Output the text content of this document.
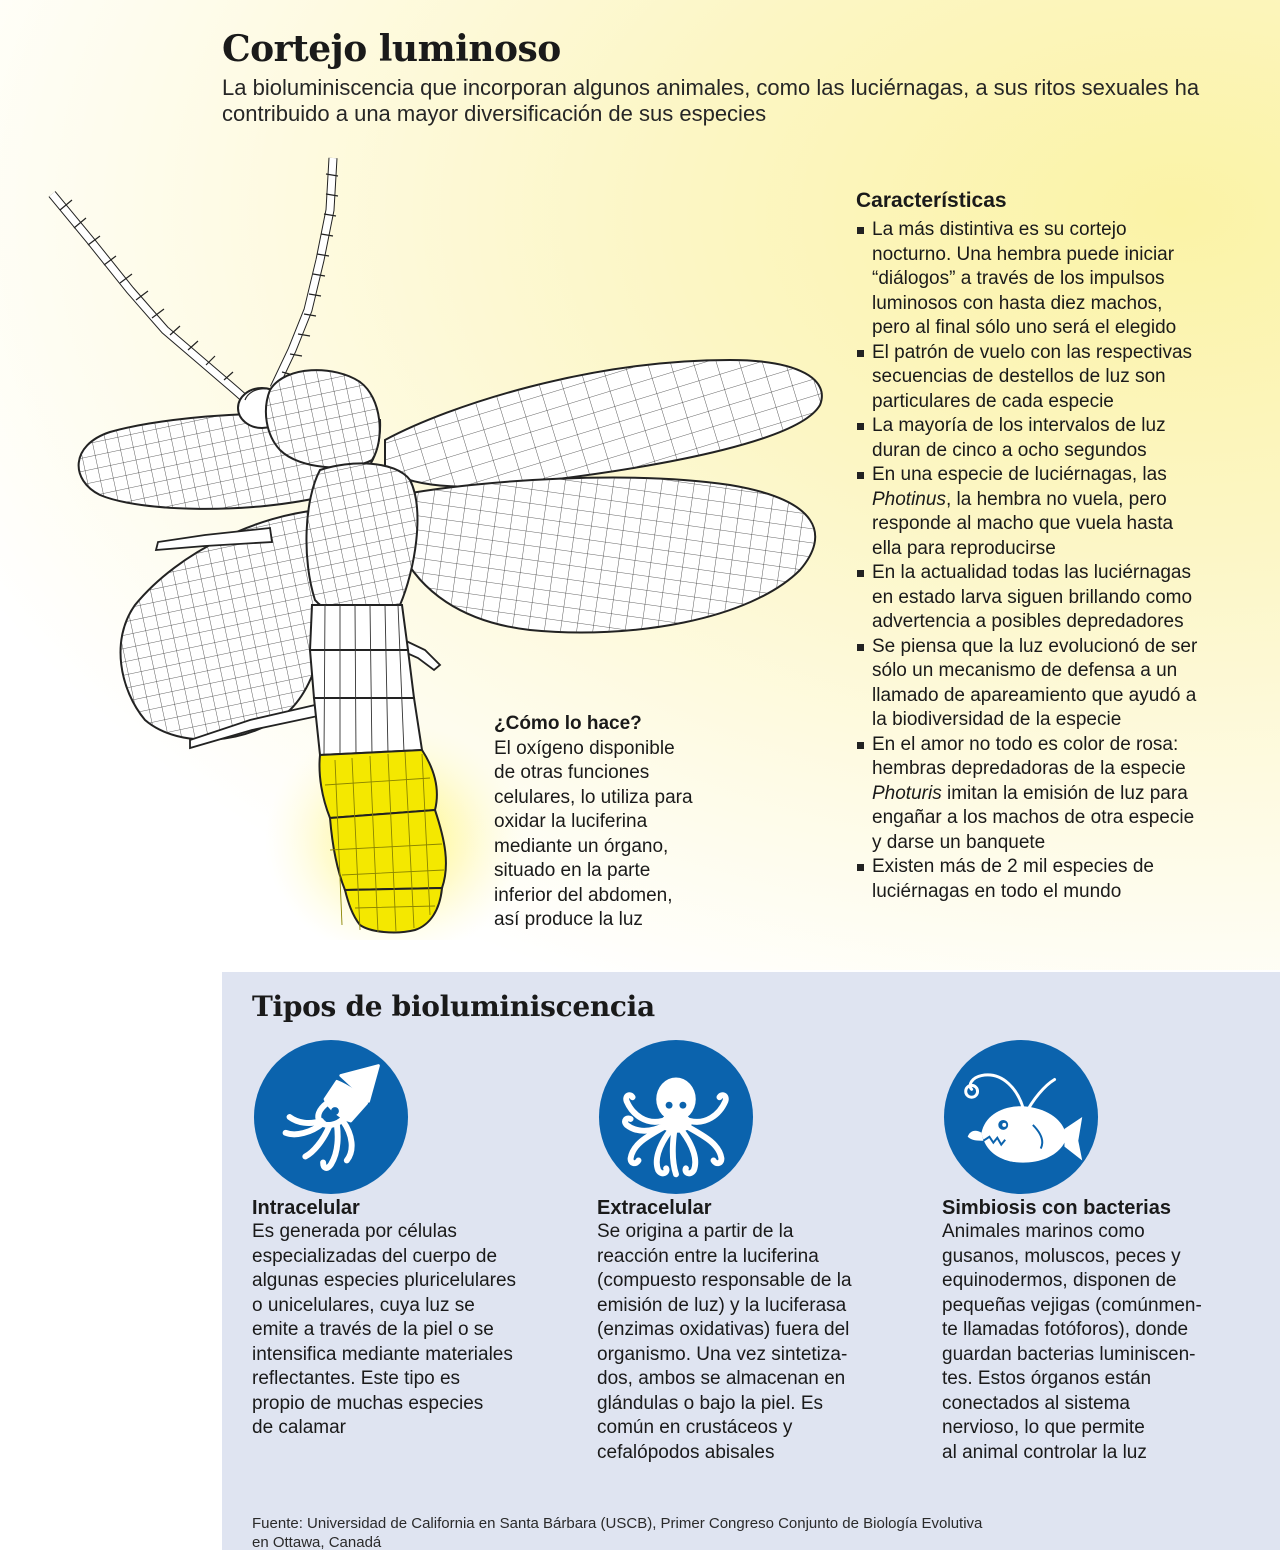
Cortejo luminoso

La bioluminiscencia que incorporan algunos animales, como las luciérnagas, a sus ritos sexuales ha contribuido a una mayor diversificación de sus especies

¿Cómo lo hace?

El oxígeno disponible
de otras funciones
celulares, lo utiliza para
oxidar la luciferina
mediante un órgano,
situado en la parte
inferior del abdomen,
así produce la luz

Características
La más distintiva es su cortejo
nocturno. Una hembra puede iniciar
“diálogos” a través de los impulsos
luminosos con hasta diez machos,
pero al final sólo uno será el elegido
El patrón de vuelo con las respectivas
secuencias de destellos de luz son
particulares de cada especie
La mayoría de los intervalos de luz
duran de cinco a ocho segundos
En una especie de luciérnagas, las
Photinus, la hembra no vuela, pero
responde al macho que vuela hasta
ella para reproducirse
En la actualidad todas las luciérnagas
en estado larva siguen brillando como
advertencia a posibles depredadores
Se piensa que la luz evolucionó de ser
sólo un mecanismo de defensa a un
llamado de apareamiento que ayudó a
la biodiversidad de la especie
En el amor no todo es color de rosa:
hembras depredadoras de la especie
Photuris imitan la emisión de luz para
engañar a los machos de otra especie
y darse un banquete
Existen más de 2 mil especies de
luciérnagas en todo el mundo
Tipos de bioluminiscencia
Intracelular

Es generada por células
especializadas del cuerpo de
algunas especies pluricelulares
o unicelulares, cuya luz se
emite a través de la piel o se
intensifica mediante materiales
reflectantes. Este tipo es
propio de muchas especies
de calamar

Extracelular

Se origina a partir de la
reacción entre la luciferina
(compuesto responsable de la
emisión de luz) y la luciferasa
(enzimas oxidativas) fuera del
organismo. Una vez sintetiza-
dos, ambos se almacenan en
glándulas o bajo la piel. Es
común en crustáceos y
cefalópodos abisales

Simbiosis con bacterias

Animales marinos como
gusanos, moluscos, peces y
equinodermos, disponen de
pequeñas vejigas (comúnmen-
te llamadas fotóforos), donde
guardan bacterias luminiscen-
tes. Estos órganos están
conectados al sistema
nervioso, lo que permite
al animal controlar la luz

Fuente: Universidad de California en Santa Bárbara (USCB), Primer Congreso Conjunto de Biología Evolutiva
en Ottawa, Canadá
